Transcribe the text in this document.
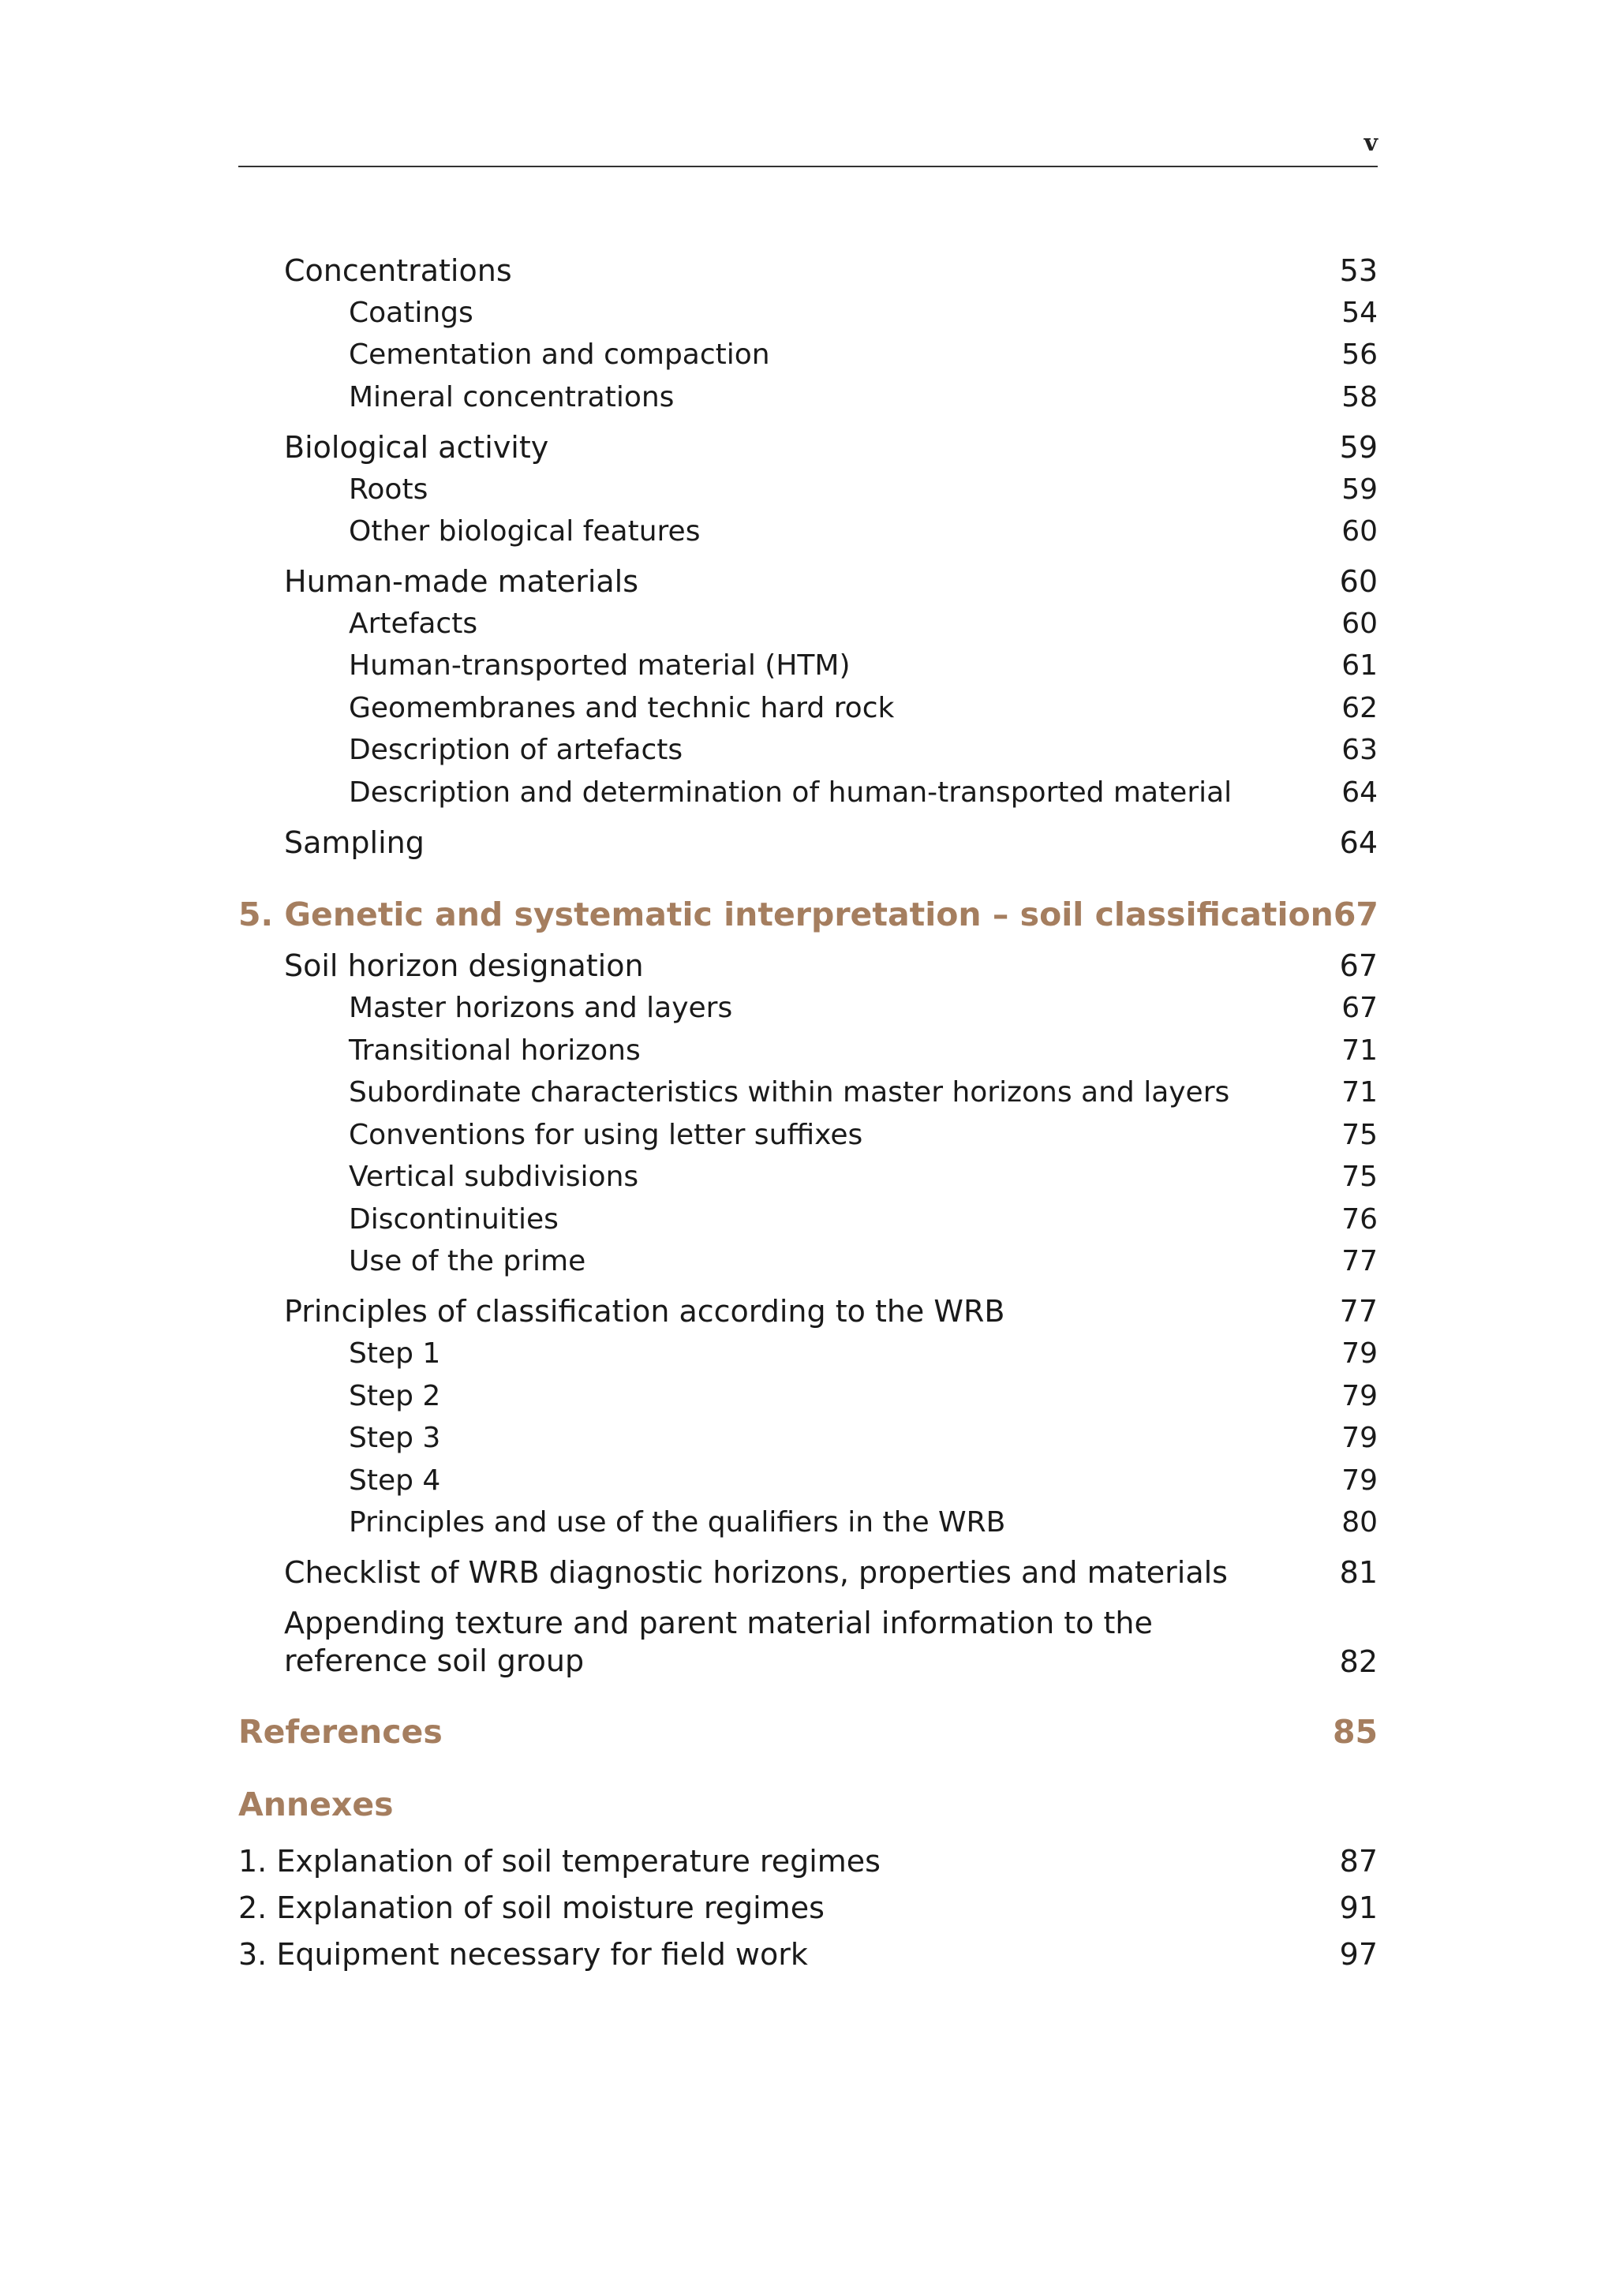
v
Concentrations	53
Coatings	54
Cementation and compaction	56
Mineral concentrations	58
Biological activity	59
Roots	59
Other biological features	60
Human-made materials	60
Artefacts	60
Human-transported material (HTM)	61
Geomembranes and technic hard rock	62
Description of artefacts	63
Description and determination of human-transported material	64
Sampling	64
5. Genetic and systematic interpretation – soil classification 67
Soil horizon designation	67
Master horizons and layers	67
Transitional horizons	71
Subordinate characteristics within master horizons and layers	71
Conventions for using letter suffixes	75
Vertical subdivisions	75
Discontinuities	76
Use of the prime	77
Principles of classification according to the WRB	77
Step 1	79
Step 2	79
Step 3	79
Step 4	79
Principles and use of the qualifiers in the WRB	80
Checklist of WRB diagnostic horizons, properties and materials	81
Appending texture and parent material information to the reference soil group	82
References	85
Annexes
1. Explanation of soil temperature regimes	87
2. Explanation of soil moisture regimes	91
3. Equipment necessary for field work	97
